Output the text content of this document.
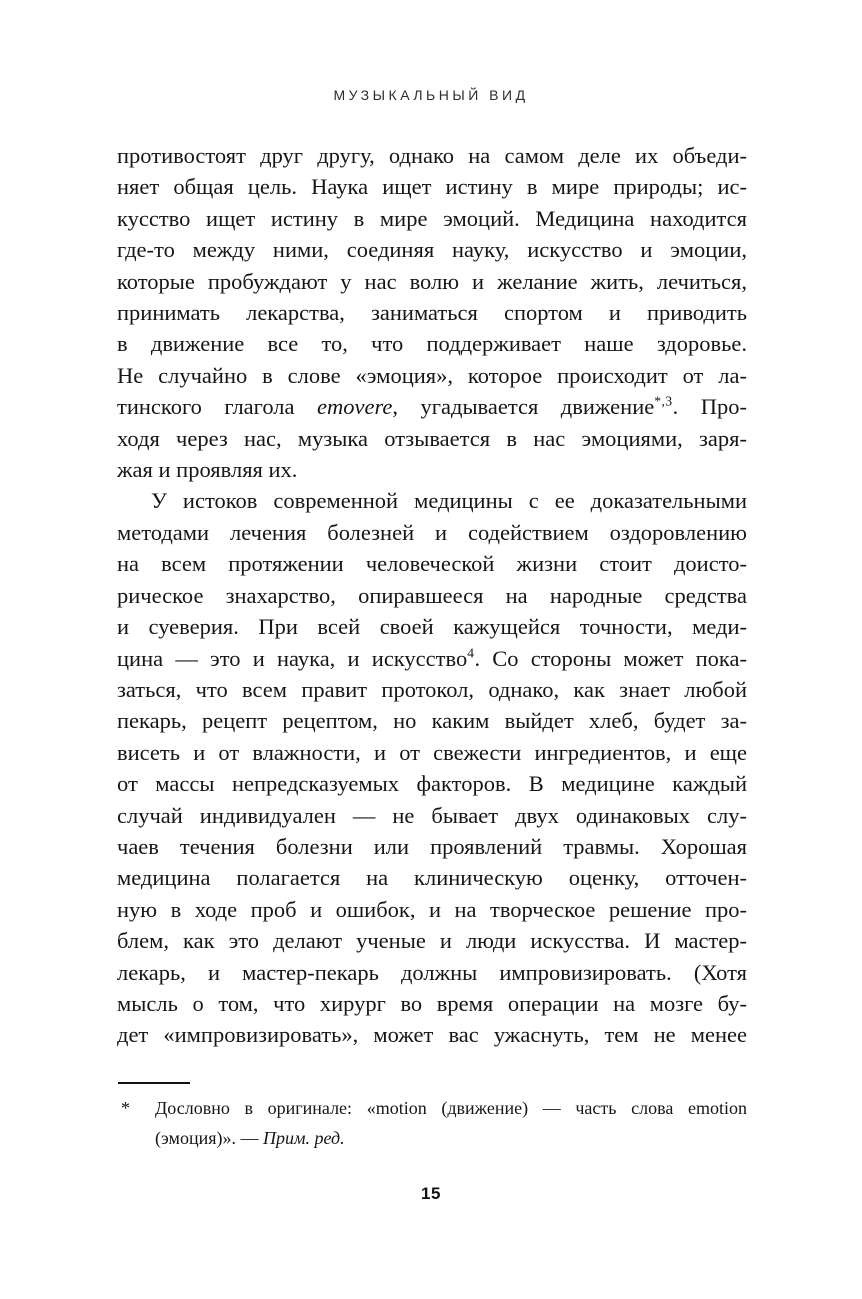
МУЗЫКАЛЬНЫЙ ВИД
противостоят друг другу, однако на самом деле их объеди-
няет общая цель. Наука ищет истину в мире природы; ис-
кусство ищет истину в мире эмоций. Медицина находится
где-то между ними, соединяя науку, искусство и эмоции,
которые пробуждают у нас волю и желание жить, лечиться,
принимать лекарства, заниматься спортом и приводить
в движение все то, что поддерживает наше здоровье.
Не случайно в слове «эмоция», которое происходит от ла-
тинского глагола emovere, угадывается движение$^{*,3}$. Про-
ходя через нас, музыка отзывается в нас эмоциями, заря-
жая и проявляя их.
У истоков современной медицины с ее доказательными
методами лечения болезней и содействием оздоровлению
на всем протяжении человеческой жизни стоит доисто-
рическое знахарство, опиравшееся на народные средства
и суеверия. При всей своей кажущейся точности, меди-
цина — это и наука, и искусство$^4$. Со стороны может пока-
заться, что всем правит протокол, однако, как знает любой
пекарь, рецепт рецептом, но каким выйдет хлеб, будет за-
висеть и от влажности, и от свежести ингредиентов, и еще
от массы непредсказуемых факторов. В медицине каждый
случай индивидуален — не бывает двух одинаковых слу-
чаев течения болезни или проявлений травмы. Хорошая
медицина полагается на клиническую оценку, отточен-
ную в ходе проб и ошибок, и на творческое решение про-
блем, как это делают ученые и люди искусства. И мастер-
лекарь, и мастер-пекарь должны импровизировать. (Хотя
мысль о том, что хирург во время операции на мозге бу-
дет «импровизировать», может вас ужаснуть, тем не менее
* Дословно в оригинале: «motion (движение) — часть слова emotion
(эмоция)». — Прим. ред.
15
